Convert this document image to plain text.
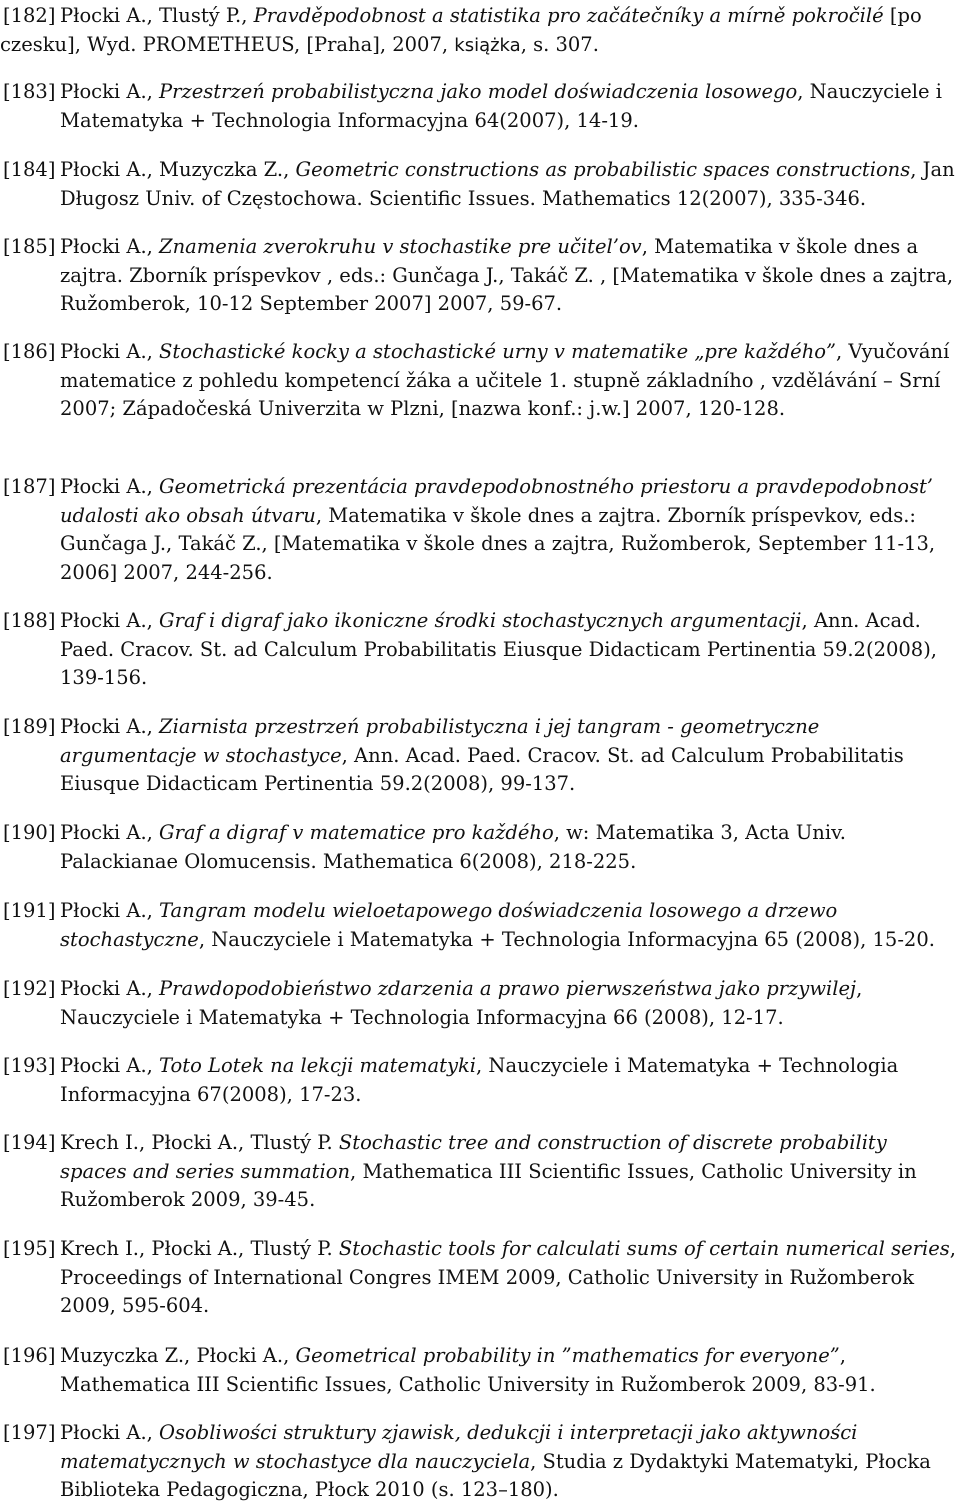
[182] Płocki A., Tlustý P., Pravděpodobnost a statistika pro začátečníky a mírně pokročilé [po czesku], Wyd. PROMETHEUS, [Praha], 2007, książka, s. 307.
[183] Płocki A., Przestrzeń probabilistyczna jako model doświadczenia losowego, Nauczyciele i Matematyka + Technologia Informacyjna 64(2007), 14-19.
[184] Płocki A., Muzyczka Z., Geometric constructions as probabilistic spaces constructions, Jan Długosz Univ. of Częstochowa. Scientific Issues. Mathematics 12(2007), 335-346.
[185] Płocki A., Znamenia zverokruhu v stochastike pre učitel’ov, Matematika v škole dnes a zajtra. Zborník príspevkov , eds.: Gunčaga J., Takáč Z. , [Matematika v škole dnes a zajtra, Ružomberok, 10-12 September 2007] 2007, 59-67.
[186] Płocki A., Stochastické kocky a stochastické urny v matematike „pre každého”, Vyučování matematice z pohledu kompetencí žáka a učitele 1. stupně základního , vzdělávání – Srní 2007; Západočeská Univerzita w Plzni, [nazwa konf.: j.w.] 2007, 120-128.
[187] Płocki A., Geometrická prezentácia pravdepodobnostného priestoru a pravdepodobnost’ udalosti ako obsah útvaru, Matematika v škole dnes a zajtra. Zborník príspevkov, eds.: Gunčaga J., Takáč Z., [Matematika v škole dnes a zajtra, Ružomberok, September 11-13, 2006] 2007, 244-256.
[188] Płocki A., Graf i digraf jako ikoniczne środki stochastycznych argumentacji, Ann. Acad. Paed. Cracov. St. ad Calculum Probabilitatis Eiusque Didacticam Pertinentia 59.2(2008), 139-156.
[189] Płocki A., Ziarnista przestrzeń probabilistyczna i jej tangram - geometryczne argumentacje w stochastyce, Ann. Acad. Paed. Cracov. St. ad Calculum Probabilitatis Eiusque Didacticam Pertinentia 59.2(2008), 99-137.
[190] Płocki A., Graf a digraf v matematice pro každého, w: Matematika 3, Acta Univ. Palackianae Olomucensis. Mathematica 6(2008), 218-225.
[191] Płocki A., Tangram modelu wieloetapowego doświadczenia losowego a drzewo stochastyczne, Nauczyciele i Matematyka + Technologia Informacyjna 65 (2008), 15-20.
[192] Płocki A., Prawdopodobieństwo zdarzenia a prawo pierwszeństwa jako przywilej, Nauczyciele i Matematyka + Technologia Informacyjna 66 (2008), 12-17.
[193] Płocki A., Toto Lotek na lekcji matematyki, Nauczyciele i Matematyka + Technologia Informacyjna 67(2008), 17-23.
[194] Krech I., Płocki A., Tlustý P. Stochastic tree and construction of discrete probability spaces and series summation, Mathematica III Scientific Issues, Catholic University in Ružomberok 2009, 39-45.
[195] Krech I., Płocki A., Tlustý P. Stochastic tools for calculati sums of certain numerical series, Proceedings of International Congres IMEM 2009, Catholic University in Ružomberok 2009, 595-604.
[196] Muzyczka Z., Płocki A., Geometrical probability in ”mathematics for everyone”, Mathematica III Scientific Issues, Catholic University in Ružomberok 2009, 83-91.
[197] Płocki A., Osobliwości struktury zjawisk, dedukcji i interpretacji jako aktywności matematycznych w stochastyce dla nauczyciela, Studia z Dydaktyki Matematyki, Płocka Biblioteka Pedagogiczna, Płock 2010 (s. 123–180).
